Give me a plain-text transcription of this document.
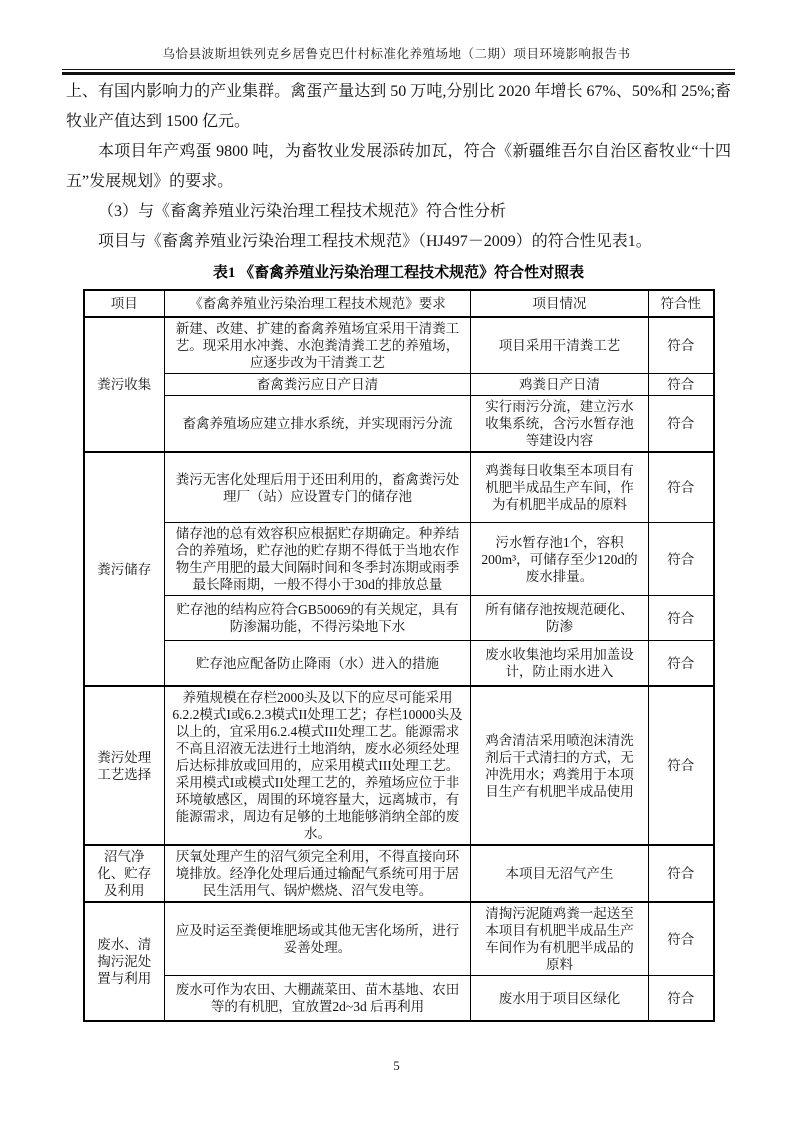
乌恰县波斯坦铁列克乡居鲁克巴什村标准化养殖场地（二期）项目环境影响报告书

上、有国内影响力的产业集群。禽蛋产量达到 50 万吨,分别比 2020 年增长 67%、50%和 25%;畜牧业产值达到 1500 亿元。

本项目年产鸡蛋 9800 吨，为畜牧业发展添砖加瓦，符合《新疆维吾尔自治区畜牧业“十四五”发展规划》的要求。

（3）与《畜禽养殖业污染治理工程技术规范》符合性分析

项目与《畜禽养殖业污染治理工程技术规范》（HJ497－2009）的符合性见表1。

表1 《畜禽养殖业污染治理工程技术规范》符合性对照表
项目	《畜禽养殖业污染治理工程技术规范》要求	项目情况	符合性
粪污收集	新建、改建、扩建的畜禽养殖场宜采用干清粪工艺。现采用水冲粪、水泡粪清粪工艺的养殖场，应逐步改为干清粪工艺	项目采用干清粪工艺	符合
	畜禽粪污应日产日清	鸡粪日产日清	符合
	畜禽养殖场应建立排水系统，并实现雨污分流	实行雨污分流，建立污水收集系统，含污水暂存池等建设内容	符合
粪污储存	粪污无害化处理后用于还田利用的，畜禽粪污处理厂（站）应设置专门的储存池	鸡粪每日收集至本项目有机肥半成品生产车间，作为有机肥半成品的原料	符合
	储存池的总有效容积应根据贮存期确定。种养结合的养殖场，贮存池的贮存期不得低于当地农作物生产用肥的最大间隔时间和冬季封冻期或雨季最长降雨期，一般不得小于30d的排放总量	污水暂存池1个，容积200m³，可储存至少120d的废水排量。	符合
	贮存池的结构应符合GB50069的有关规定，具有防渗漏功能，不得污染地下水	所有储存池按规范硬化、防渗	符合
	贮存池应配备防止降雨（水）进入的措施	废水收集池均采用加盖设计，防止雨水进入	符合
粪污处理工艺选择	养殖规模在存栏2000头及以下的应尽可能采用6.2.2模式I或6.2.3模式II处理工艺；存栏10000头及以上的，宜采用6.2.4模式III处理工艺。能源需求不高且沼液无法进行土地消纳，废水必须经处理后达标排放或回用的，应采用模式III处理工艺。采用模式I或模式II处理工艺的，养殖场应位于非环境敏感区，周围的环境容量大，远离城市，有能源需求，周边有足够的土地能够消纳全部的废水。	鸡舍清洁采用喷泡沫清洗剂后干式清扫的方式，无冲洗用水；鸡粪用于本项目生产有机肥半成品使用	符合
沼气净化、贮存及利用	厌氧处理产生的沼气须完全利用，不得直接向环境排放。经净化处理后通过输配气系统可用于居民生活用气、锅炉燃烧、沼气发电等。	本项目无沼气产生	符合
废水、清掏污泥处置与利用	应及时运至粪便堆肥场或其他无害化场所，进行妥善处理。	清掏污泥随鸡粪一起送至本项目有机肥半成品生产车间作为有机肥半成品的原料	符合
	废水可作为农田、大棚蔬菜田、苗木基地、农田等的有机肥，宜放置2d~3d 后再利用	废水用于项目区绿化	符合
5
